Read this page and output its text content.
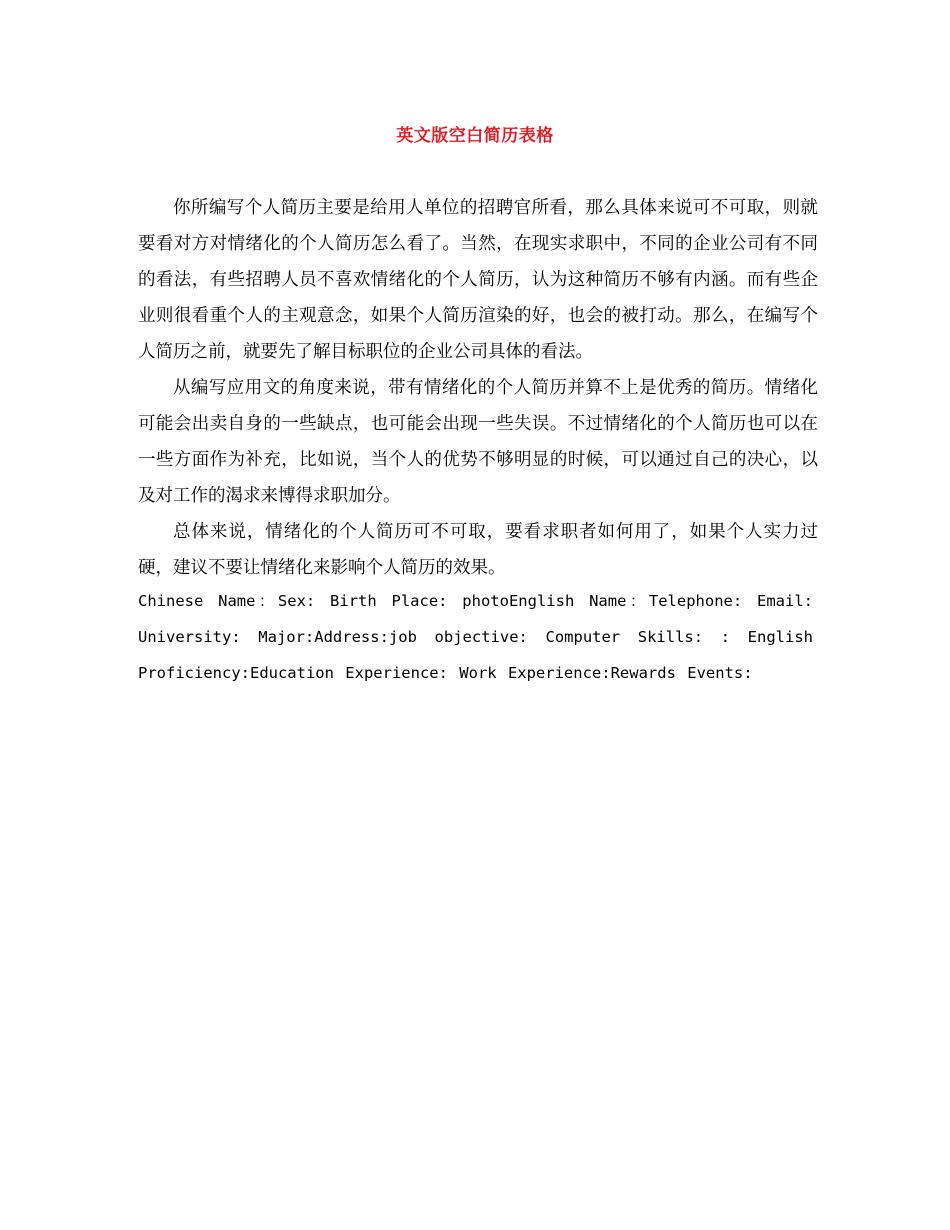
英文版空白简历表格

你所编写个人简历主要是给用人单位的招聘官所看，那么具体来说可不可取，则就要看对方对情绪化的个人简历怎么看了。当然，在现实求职中，不同的企业公司有不同的看法，有些招聘人员不喜欢情绪化的个人简历，认为这种简历不够有内涵。而有些企业则很看重个人的主观意念，如果个人简历渲染的好，也会的被打动。那么，在编写个人简历之前，就要先了解目标职位的企业公司具体的看法。

从编写应用文的角度来说，带有情绪化的个人简历并算不上是优秀的简历。情绪化可能会出卖自身的一些缺点，也可能会出现一些失误。不过情绪化的个人简历也可以在一些方面作为补充，比如说，当个人的优势不够明显的时候，可以通过自己的决心，以及对工作的渴求来博得求职加分。

总体来说，情绪化的个人简历可不可取，要看求职者如何用了，如果个人实力过硬，建议不要让情绪化来影响个人简历的效果。

Chinese Name：Sex: Birth Place: photoEnglish Name：Telephone: Email: University: Major:Address:job objective: Computer Skills: : English Proficiency:Education Experience: Work Experience:Rewards Events:
